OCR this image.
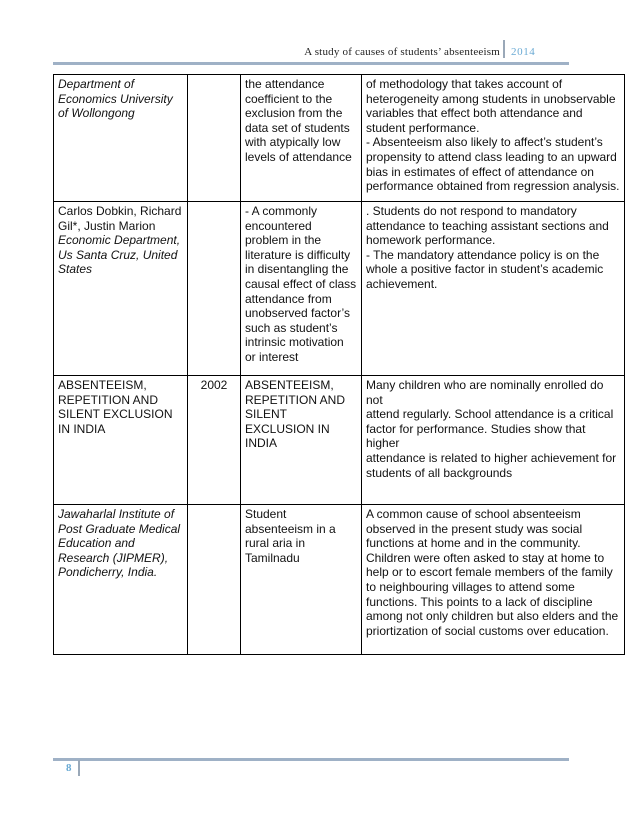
A study of causes of students’ absenteeism 2014

	Department of Economics University of Wollongong		the attendance coefficient to the exclusion from the data set of students with atypically low levels of attendance	of methodology that takes account of heterogeneity among students in unobservable variables that effect both attendance and student performance.
- Absenteeism also likely to affect’s student’s propensity to attend class leading to an upward bias in estimates of effect of attendance on performance obtained from regression analysis.

	Carlos Dobkin, Richard Gil*, Justin Marion
Economic Department, Us Santa Cruz, United States		- A commonly encountered problem in the literature is difficulty in disentangling the causal effect of class attendance from unobserved factor’s such as student’s intrinsic motivation or interest	. Students do not respond to mandatory attendance to teaching assistant sections and homework performance.
- The mandatory attendance policy is on the whole a positive factor in student’s academic achievement.

	ABSENTEEISM, REPETITION AND SILENT EXCLUSION IN INDIA	2002	ABSENTEEISM, REPETITION AND SILENT EXCLUSION IN INDIA	Many children who are nominally enrolled do not
attend regularly. School attendance is a critical
factor for performance. Studies show that higher
attendance is related to higher achievement for
students of all backgrounds

	Jawaharlal Institute of Post Graduate Medical Education and Research (JIPMER), Pondicherry, India.		Student absenteeism in a rural aria in Tamilnadu	A common cause of school absenteeism observed in the present study was social functions at home and in the community. Children were often asked to stay at home to help or to escort female members of the family to neighbouring villages to attend some functions. This points to a lack of discipline among not only children but also elders and the priortization of social customs over education.
8
